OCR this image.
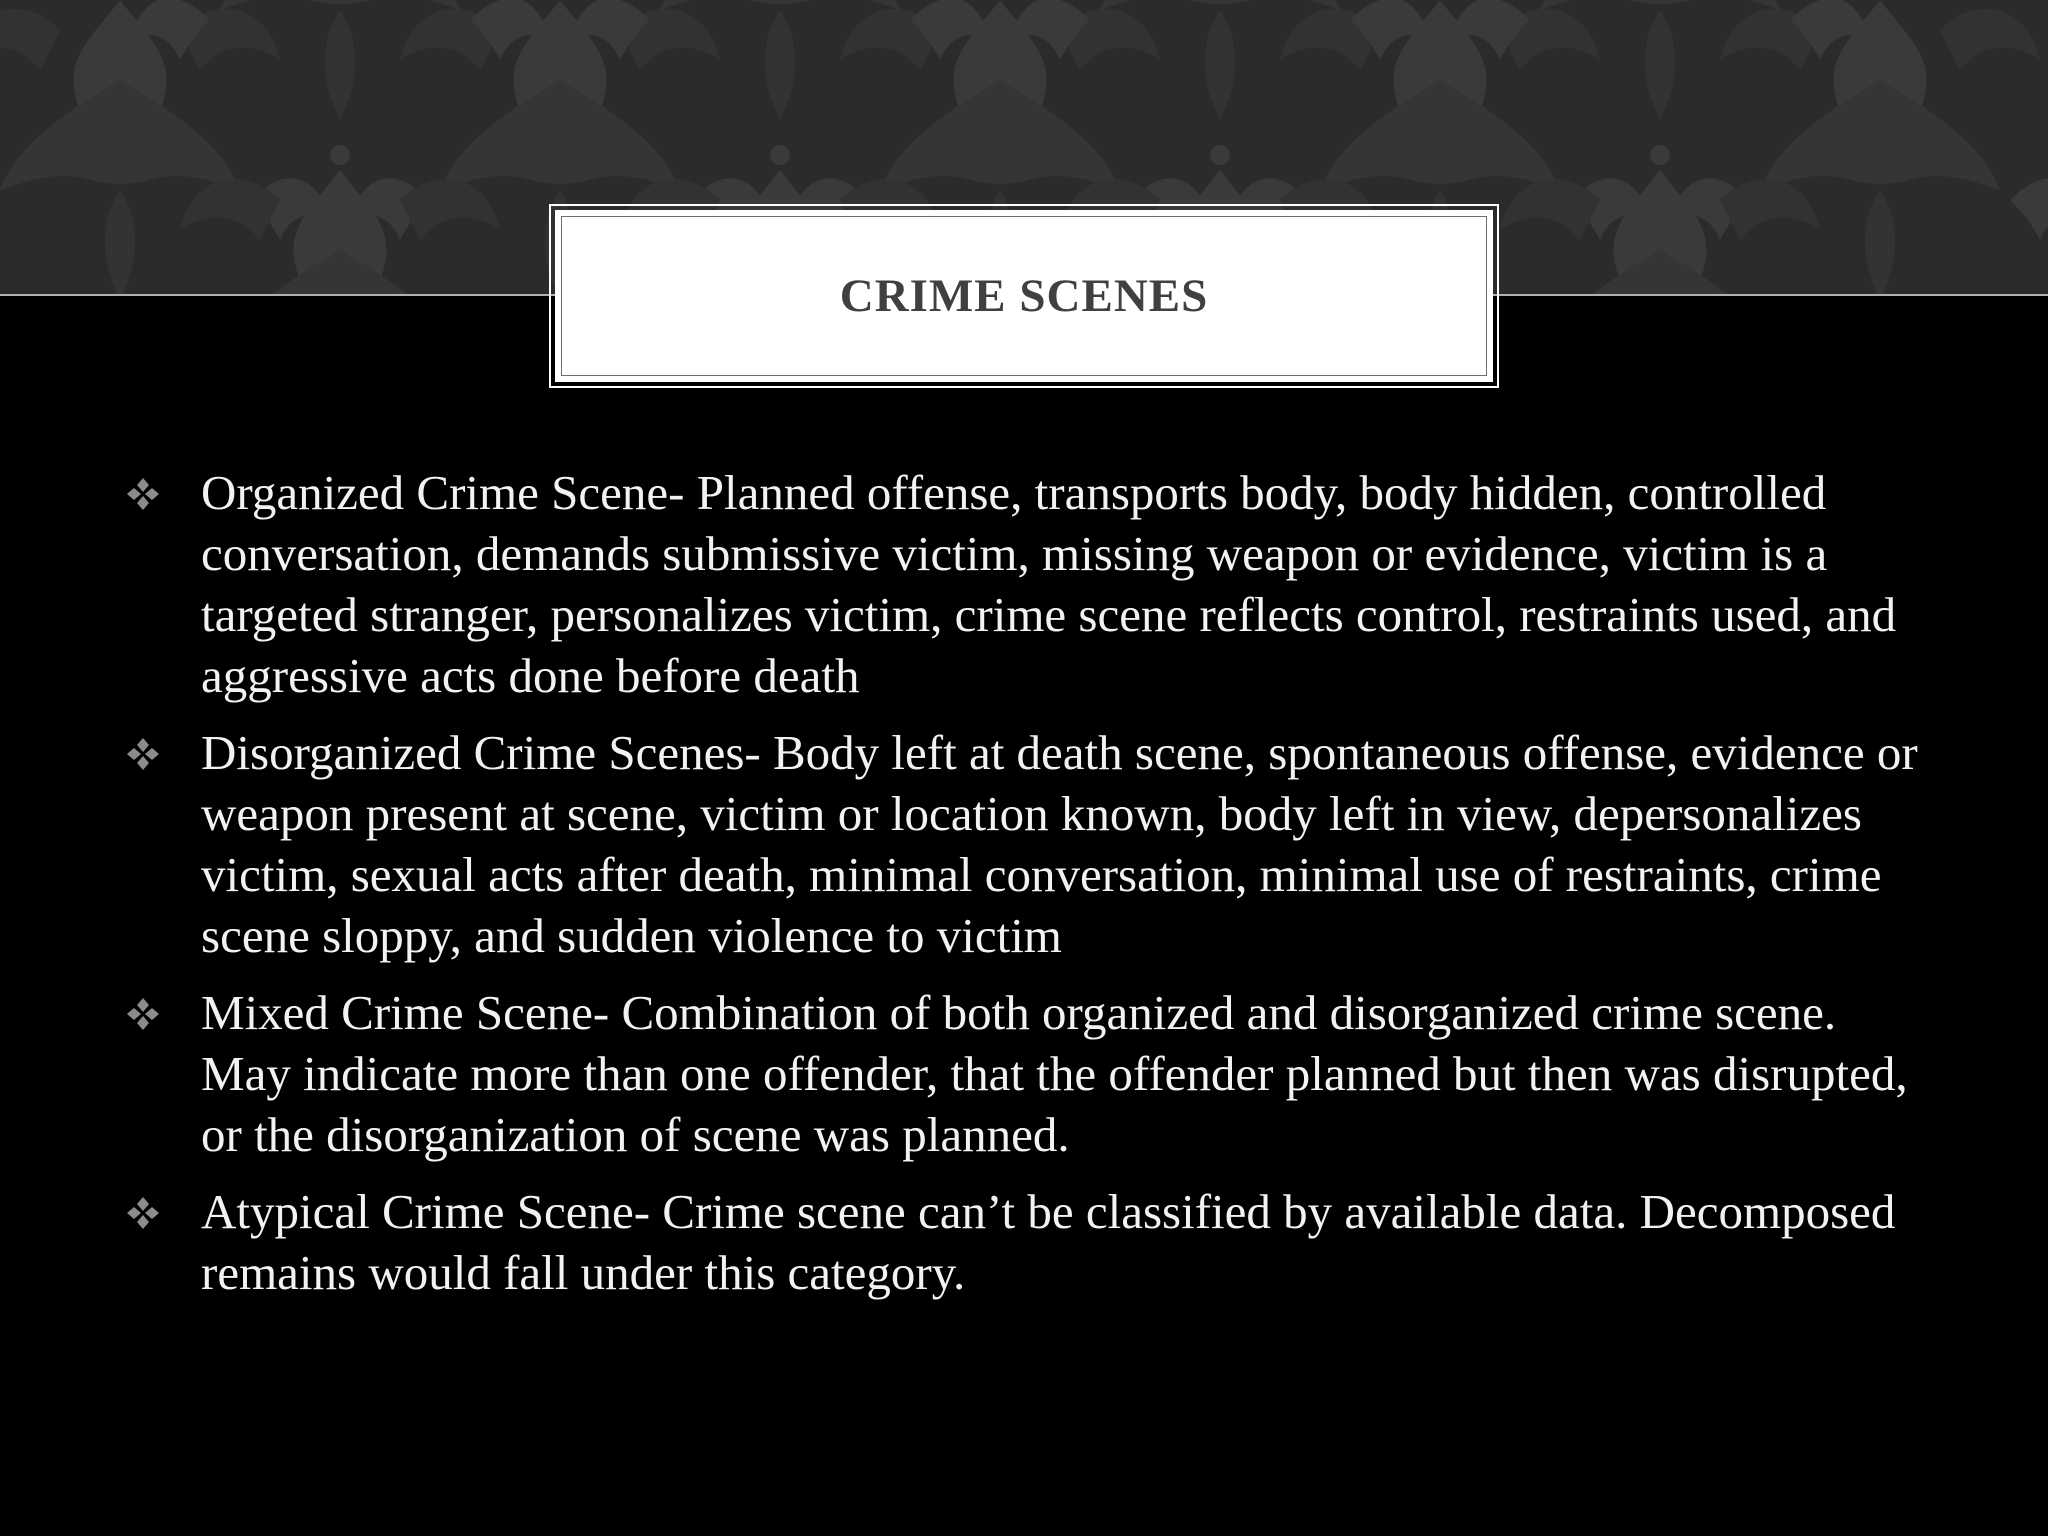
CRIME SCENES
Organized Crime Scene- Planned offense, transports body, body hidden, controlled conversation, demands submissive victim, missing weapon or evidence, victim is a targeted stranger, personalizes victim, crime scene reflects control, restraints used, and aggressive acts done before death
Disorganized Crime Scenes- Body left at death scene, spontaneous offense, evidence or weapon present at scene, victim or location known, body left in view, depersonalizes victim, sexual acts after death, minimal conversation, minimal use of restraints, crime scene sloppy, and sudden violence to victim
Mixed Crime Scene- Combination of both organized and disorganized crime scene. May indicate more than one offender, that the offender planned but then was disrupted, or the disorganization of scene was planned.
Atypical Crime Scene- Crime scene can’t be classified by available data. Decomposed remains would fall under this category.
